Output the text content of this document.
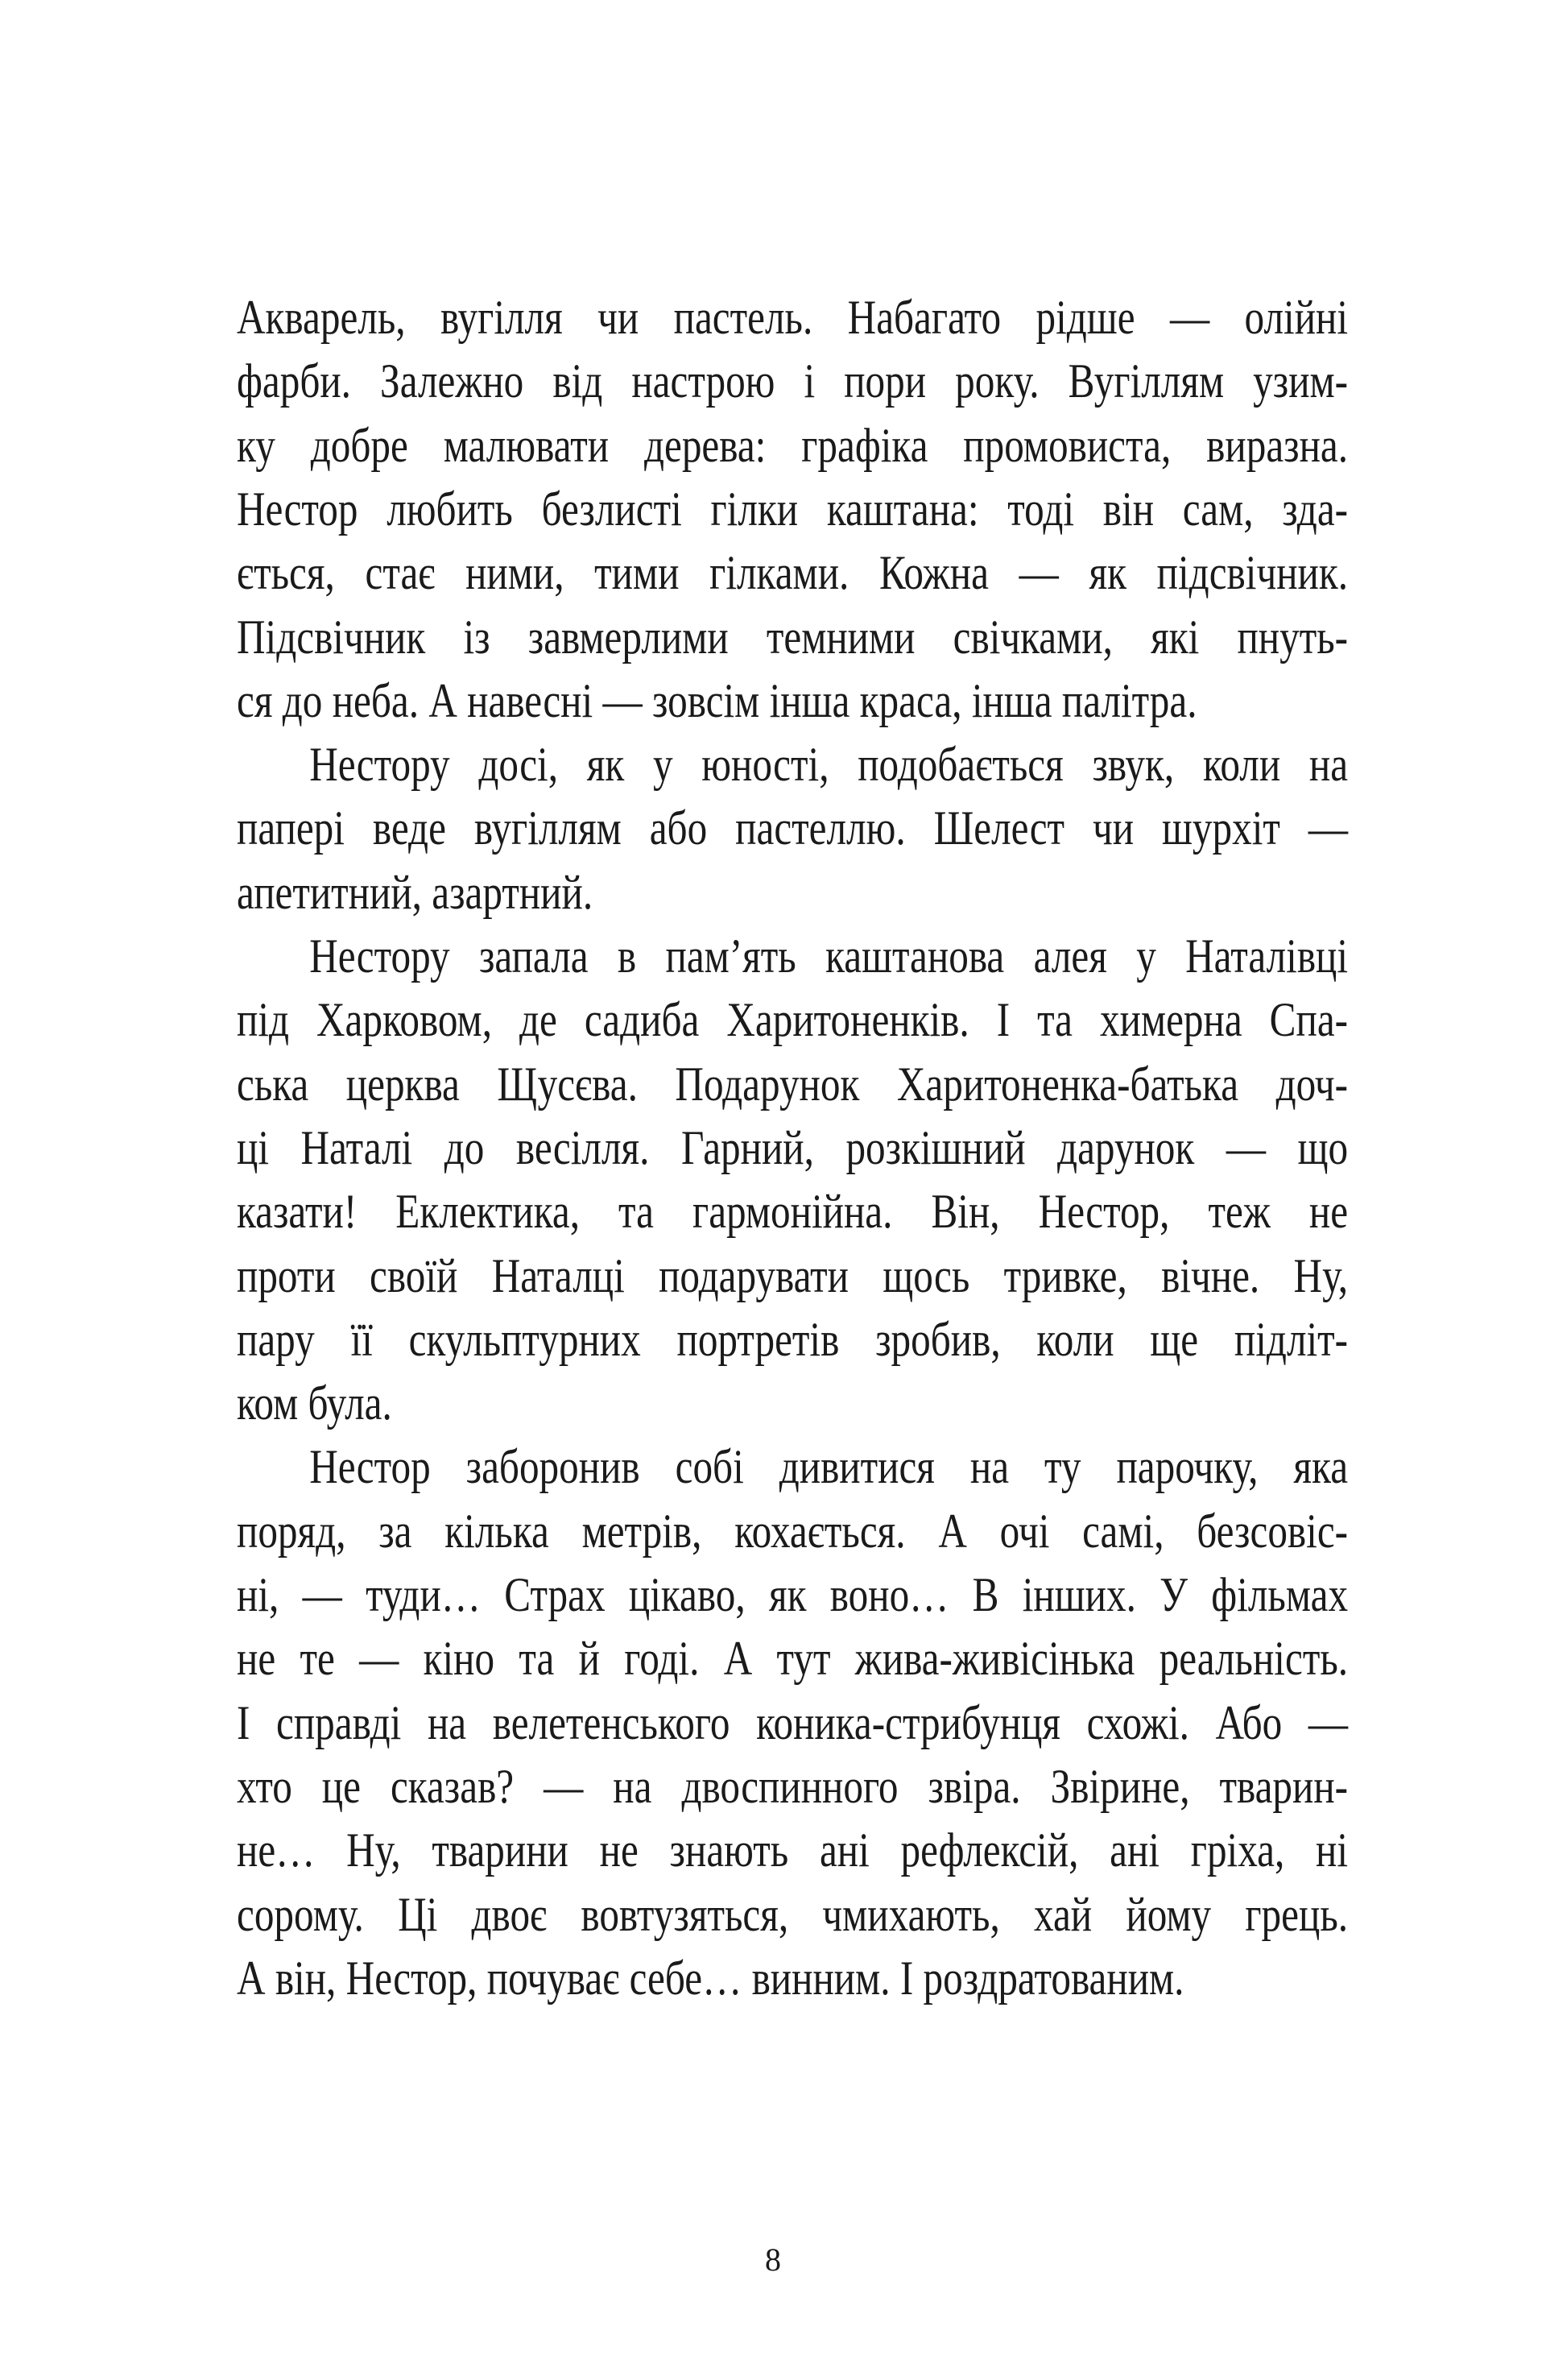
Акварель, вугілля чи пастель. Набагато рідше — олійні
фарби. Залежно від настрою і пори року. Вугіллям узим-
ку добре малювати дерева: графіка промовиста, виразна.
Нестор любить безлисті гілки каштана: тоді він сам, зда-
ється, стає ними, тими гілками. Кожна — як підсвічник.
Підсвічник із завмерлими темними свічками, які пнуть-
ся до неба. А навесні — зовсім інша краса, інша палітра.
Нестору досі, як у юності, подобається звук, коли на
папері веде вугіллям або пастеллю. Шелест чи шурхіт —
апетитний, азартний.
Нестору запала в пам’ять каштанова алея у Наталівці
під Харковом, де садиба Харитоненків. І та химерна Спа-
ська церква Щусєва. Подарунок Харитоненка-батька доч-
ці Наталі до весілля. Гарний, розкішний дарунок — що
казати! Еклектика, та гармонійна. Він, Нестор, теж не
проти своїй Наталці подарувати щось тривке, вічне. Ну,
пару її скульптурних портретів зробив, коли ще підліт-
ком була.
Нестор заборонив собі дивитися на ту парочку, яка
поряд, за кілька метрів, кохається. А очі самі, безсовіс-
ні, — туди… Страх цікаво, як воно… В інших. У фільмах
не те — кіно та й годі. А тут жива-живісінька реальність.
І справді на велетенського коника-стрибунця схожі. Або —
хто це сказав? — на двоспинного звіра. Звірине, тварин-
не… Ну, тварини не знають ані рефлексій, ані гріха, ні
сорому. Ці двоє вовтузяться, чмихають, хай йому грець.
А він, Нестор, почуває себе… винним. І роздратованим.
8
